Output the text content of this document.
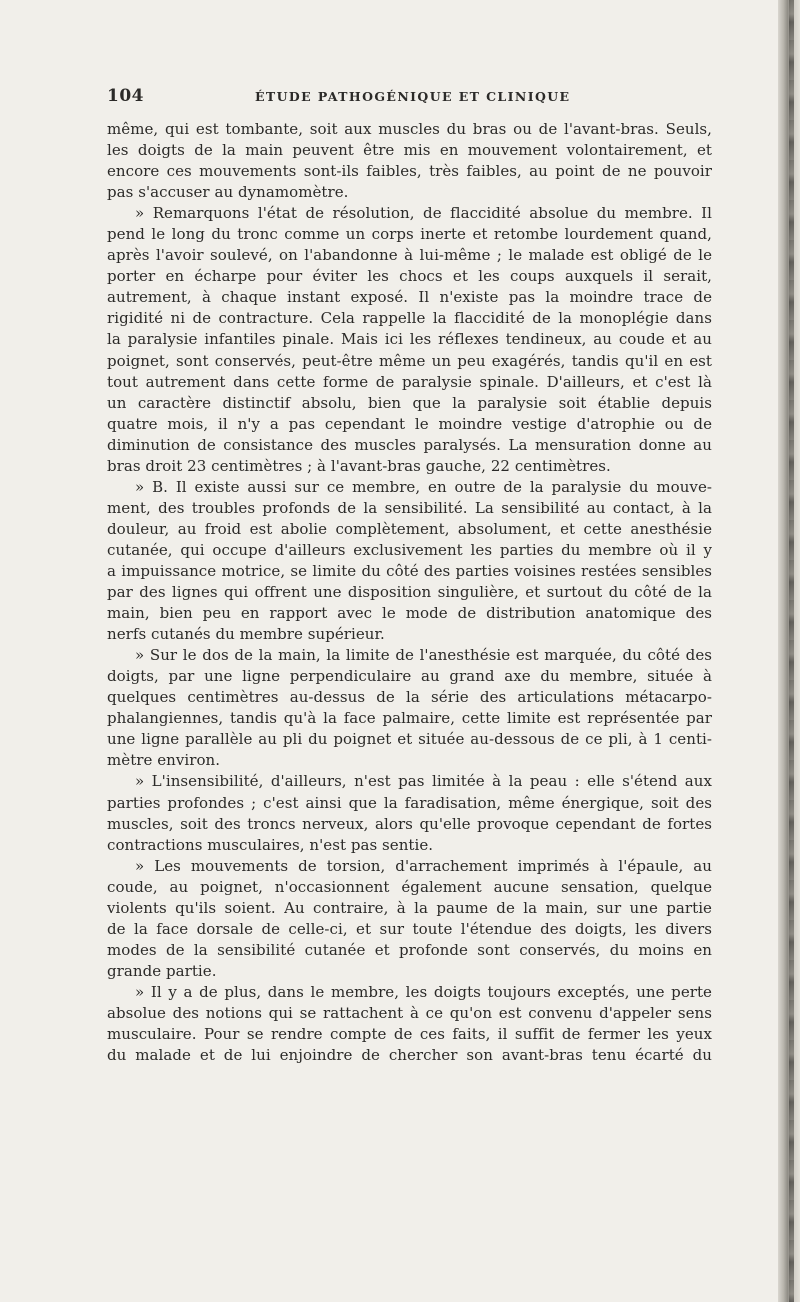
104	ÉTUDE PATHOGÉNIQUE ET CLINIQUE
même, qui est tombante, soit aux muscles du bras ou de l'avant-bras. Seuls,
les doigts de la main peuvent être mis en mouvement volontairement, et
encore ces mouvements sont-ils faibles, très faibles, au point de ne pouvoir
pas s'accuser au dynamomètre.
» Remarquons l'état de résolution, de flaccidité absolue du membre. Il
pend le long du tronc comme un corps inerte et retombe lourdement quand,
après l'avoir soulevé, on l'abandonne à lui-même ; le malade est obligé de le
porter en écharpe pour éviter les chocs et les coups auxquels il serait,
autrement, à chaque instant exposé. Il n'existe pas la moindre trace de
rigidité ni de contracture. Cela rappelle la flaccidité de la monoplégie dans
la paralysie infantiles pinale. Mais ici les réflexes tendineux, au coude et au
poignet, sont conservés, peut-être même un peu exagérés, tandis qu'il en est
tout autrement dans cette forme de paralysie spinale. D'ailleurs, et c'est là
un caractère distinctif absolu, bien que la paralysie soit établie depuis
quatre mois, il n'y a pas cependant le moindre vestige d'atrophie ou de
diminution de consistance des muscles paralysés. La mensuration donne au
bras droit 23 centimètres ; à l'avant-bras gauche, 22 centimètres.
» B. Il existe aussi sur ce membre, en outre de la paralysie du mouve-
ment, des troubles profonds de la sensibilité. La sensibilité au contact, à la
douleur, au froid est abolie complètement, absolument, et cette anesthésie
cutanée, qui occupe d'ailleurs exclusivement les parties du membre où il y
a impuissance motrice, se limite du côté des parties voisines restées sensibles
par des lignes qui offrent une disposition singulière, et surtout du côté de la
main, bien peu en rapport avec le mode de distribution anatomique des
nerfs cutanés du membre supérieur.
» Sur le dos de la main, la limite de l'anesthésie est marquée, du côté des
doigts, par une ligne perpendiculaire au grand axe du membre, située à
quelques centimètres au-dessus de la série des articulations métacarpo-
phalangiennes, tandis qu'à la face palmaire, cette limite est représentée par
une ligne parallèle au pli du poignet et située au-dessous de ce pli, à 1 centi-
mètre environ.
» L'insensibilité, d'ailleurs, n'est pas limitée à la peau : elle s'étend aux
parties profondes ; c'est ainsi que la faradisation, même énergique, soit des
muscles, soit des troncs nerveux, alors qu'elle provoque cependant de fortes
contractions musculaires, n'est pas sentie.
» Les mouvements de torsion, d'arrachement imprimés à l'épaule, au
coude, au poignet, n'occasionnent également aucune sensation, quelque
violents qu'ils soient. Au contraire, à la paume de la main, sur une partie
de la face dorsale de celle-ci, et sur toute l'étendue des doigts, les divers
modes de la sensibilité cutanée et profonde sont conservés, du moins en
grande partie.
» Il y a de plus, dans le membre, les doigts toujours exceptés, une perte
absolue des notions qui se rattachent à ce qu'on est convenu d'appeler sens
musculaire. Pour se rendre compte de ces faits, il suffit de fermer les yeux
du malade et de lui enjoindre de chercher son avant-bras tenu écarté du
